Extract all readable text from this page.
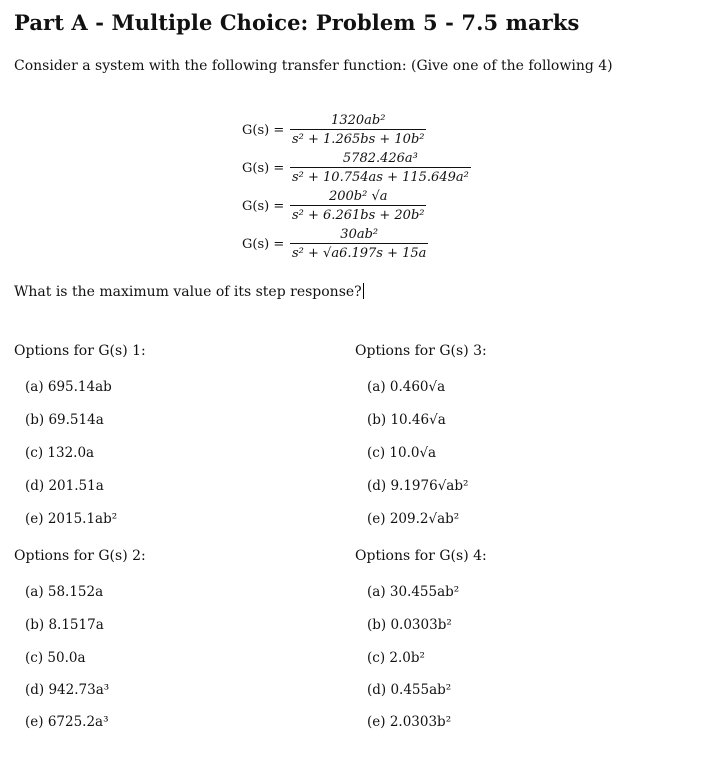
Part A - Multiple Choice: Problem 5 - 7.5 marks
Consider a system with the following transfer function: (Give one of the following 4)
$G(s) = \frac{\text{1320ab²}}{\text{s² + 1.265bs + 10b²}}$
$G(s) = \frac{\text{5782.426a³}}{\text{s² + 10.754as + 115.649a²}}$
$G(s) = \frac{\text{200b² √a}}{\text{s² + 6.261bs + 20b²}}$
$G(s) = \frac{\text{30ab²}}{\text{s² + √a6.197s + 15a}}$
What is the maximum value of its step response?
Options for G(s) 1:
(a) 695.14ab
(b) 69.514a
(c) 132.0a
(d) 201.51a
(e) 2015.1ab²
Options for G(s) 2:
(a) 58.152a
(b) 8.1517a
(c) 50.0a
(d) 942.73a³
(e) 6725.2a³
Options for G(s) 3:
(a) 0.460√a
(b) 10.46√a
(c) 10.0√a
(d) 9.1976√ab²
(e) 209.2√ab²
Options for G(s) 4:
(a) 30.455ab²
(b) 0.0303b²
(c) 2.0b²
(d) 0.455ab²
(e) 2.0303b²
